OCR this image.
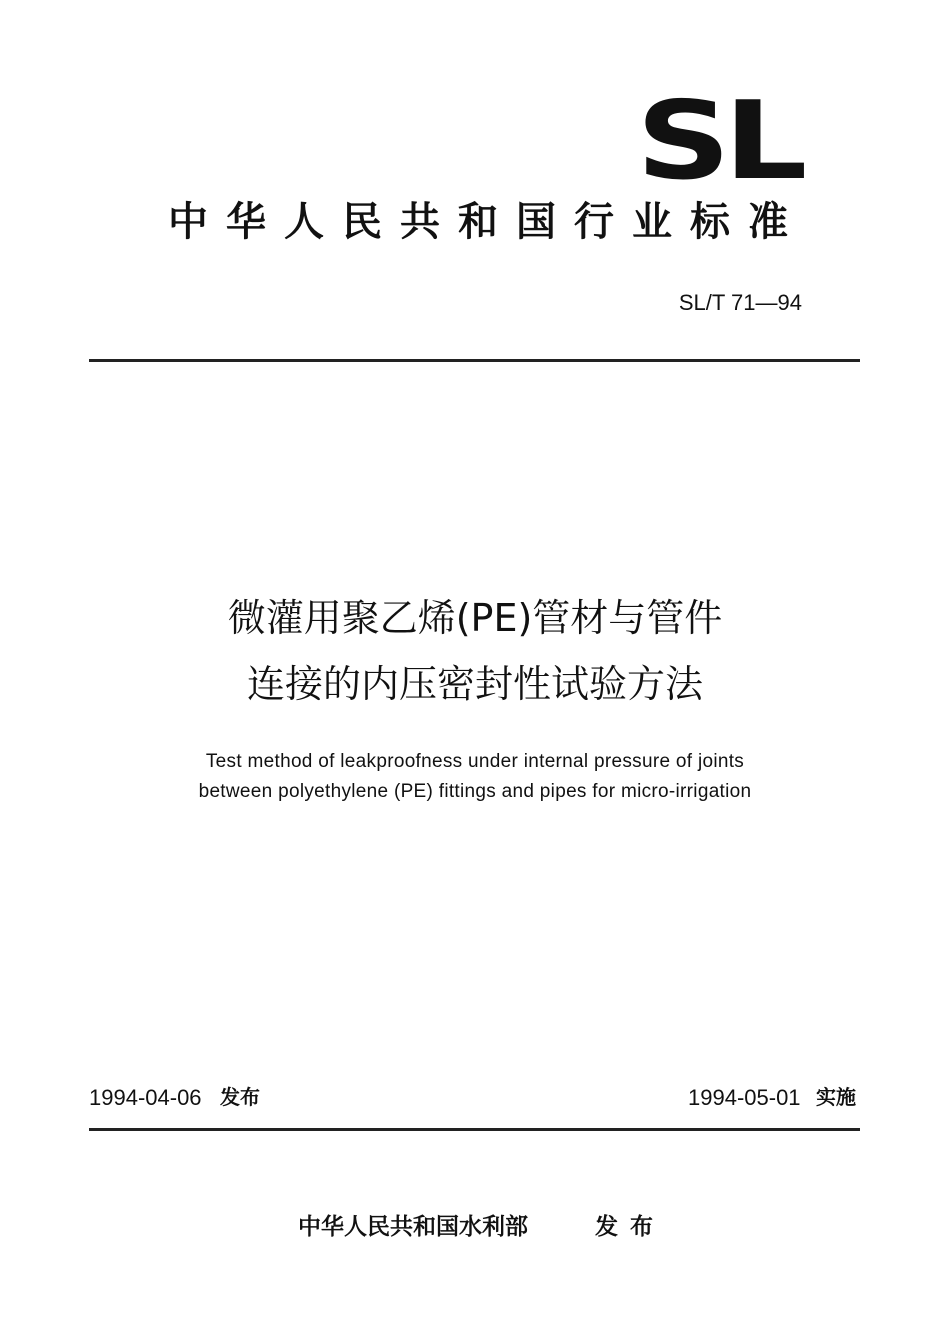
SL
中华人民共和国行业标准
SL/T 71—94
微灌用聚乙烯(PE)管材与管件
连接的内压密封性试验方法
Test method of leakproofness under internal pressure of joints
between polyethylene (PE) fittings and pipes for micro-irrigation
1994-04-06 发布	1994-05-01 实施
中华人民共和国水利部	发布
